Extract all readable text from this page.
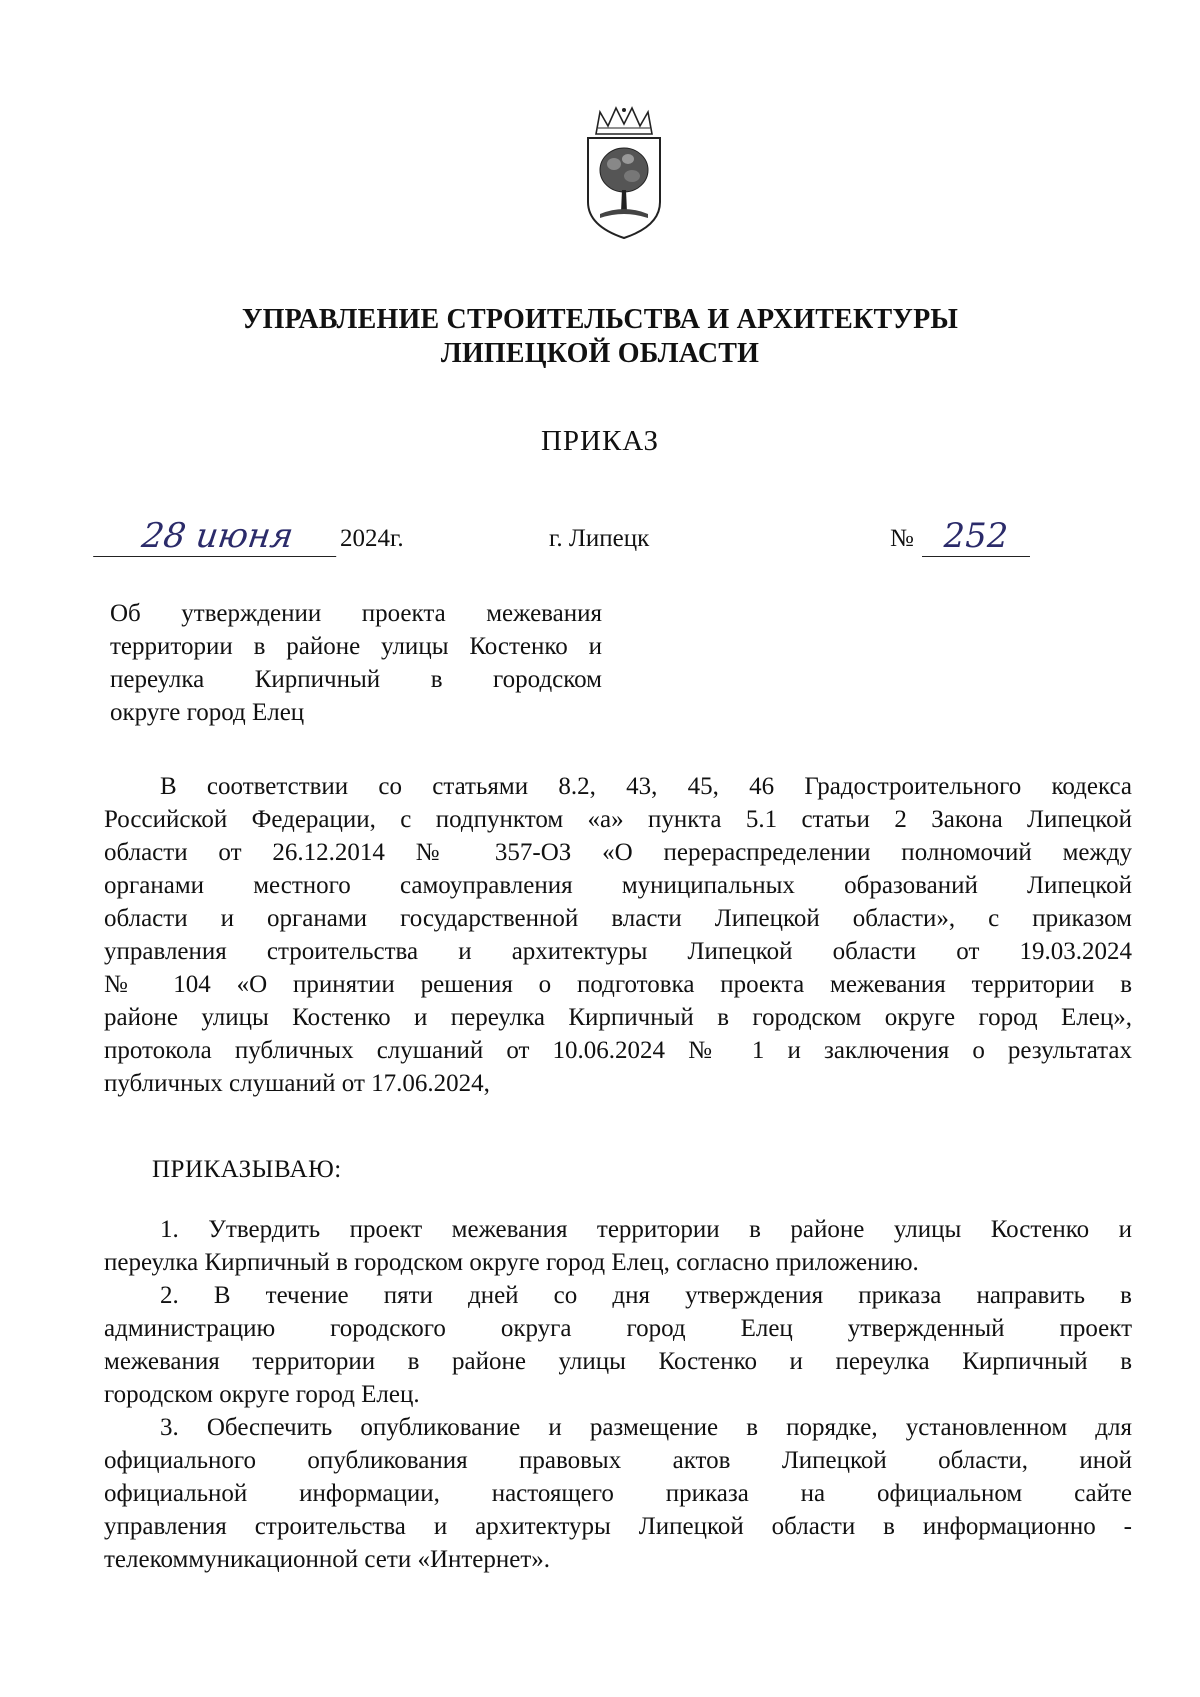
УПРАВЛЕНИЕ СТРОИТЕЛЬСТВА И АРХИТЕКТУРЫ
ЛИПЕЦКОЙ ОБЛАСТИ
ПРИКАЗ
28 июня	2024г.	г. Липецк	№ 252
Об утверждении проекта межевания
территории в районе улицы Костенко и
переулка Кирпичный в городском
округе город Елец
В соответствии со статьями 8.2, 43, 45, 46 Градостроительного кодекса
Российской Федерации, с подпунктом «а» пункта 5.1 статьи 2 Закона Липецкой
области от 26.12.2014 № 357-ОЗ «О перераспределении полномочий между
органами местного самоуправления муниципальных образований Липецкой
области и органами государственной власти Липецкой области», с приказом
управления строительства и архитектуры Липецкой области от 19.03.2024
№ 104 «О принятии решения о подготовка проекта межевания территории в
районе улицы Костенко и переулка Кирпичный в городском округе город Елец»,
протокола публичных слушаний от 10.06.2024 № 1 и заключения о результатах
публичных слушаний от 17.06.2024,
ПРИКАЗЫВАЮ:
1. Утвердить проект межевания территории в районе улицы Костенко и
переулка Кирпичный в городском округе город Елец, согласно приложению.
2. В течение пяти дней со дня утверждения приказа направить в
администрацию городского округа город Елец утвержденный проект
межевания территории в районе улицы Костенко и переулка Кирпичный в
городском округе город Елец.
3. Обеспечить опубликование и размещение в порядке, установленном для
официального опубликования правовых актов Липецкой области, иной
официальной информации, настоящего приказа на официальном сайте
управления строительства и архитектуры Липецкой области в информационно -
телекоммуникационной сети «Интернет».
